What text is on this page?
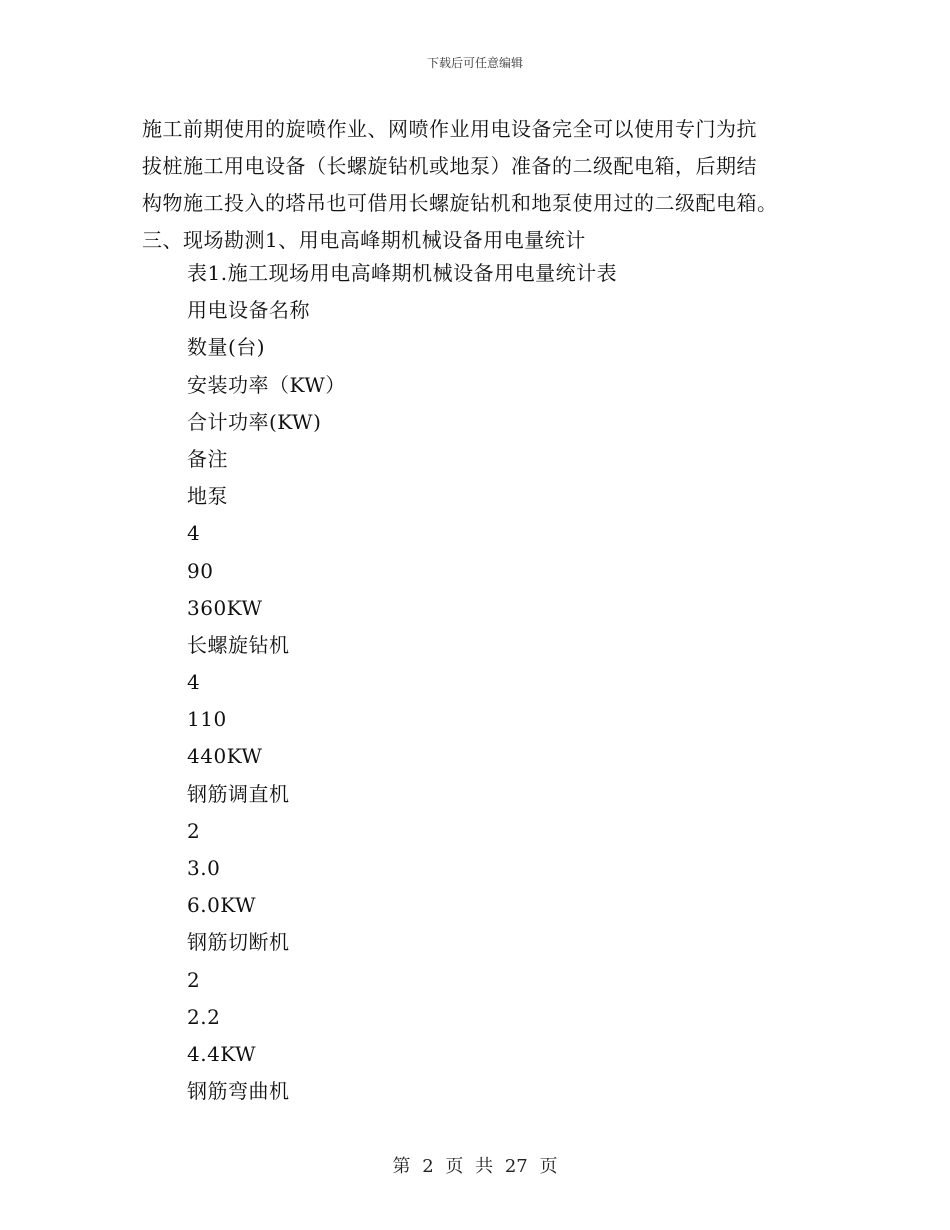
下载后可任意编辑
施工前期使用的旋喷作业、网喷作业用电设备完全可以使用专门为抗
拔桩施工用电设备（长螺旋钻机或地泵）准备的二级配电箱，后期结
构物施工投入的塔吊也可借用长螺旋钻机和地泵使用过的二级配电箱。
三、现场勘测1、用电高峰期机械设备用电量统计
表1.施工现场用电高峰期机械设备用电量统计表
用电设备名称
数量(台)
安装功率（KW）
合计功率(KW)
备注
地泵
4
90
360KW
长螺旋钻机
4
110
440KW
钢筋调直机
2
3.0
6.0KW
钢筋切断机
2
2.2
4.4KW
钢筋弯曲机
第 2 页 共 27 页
